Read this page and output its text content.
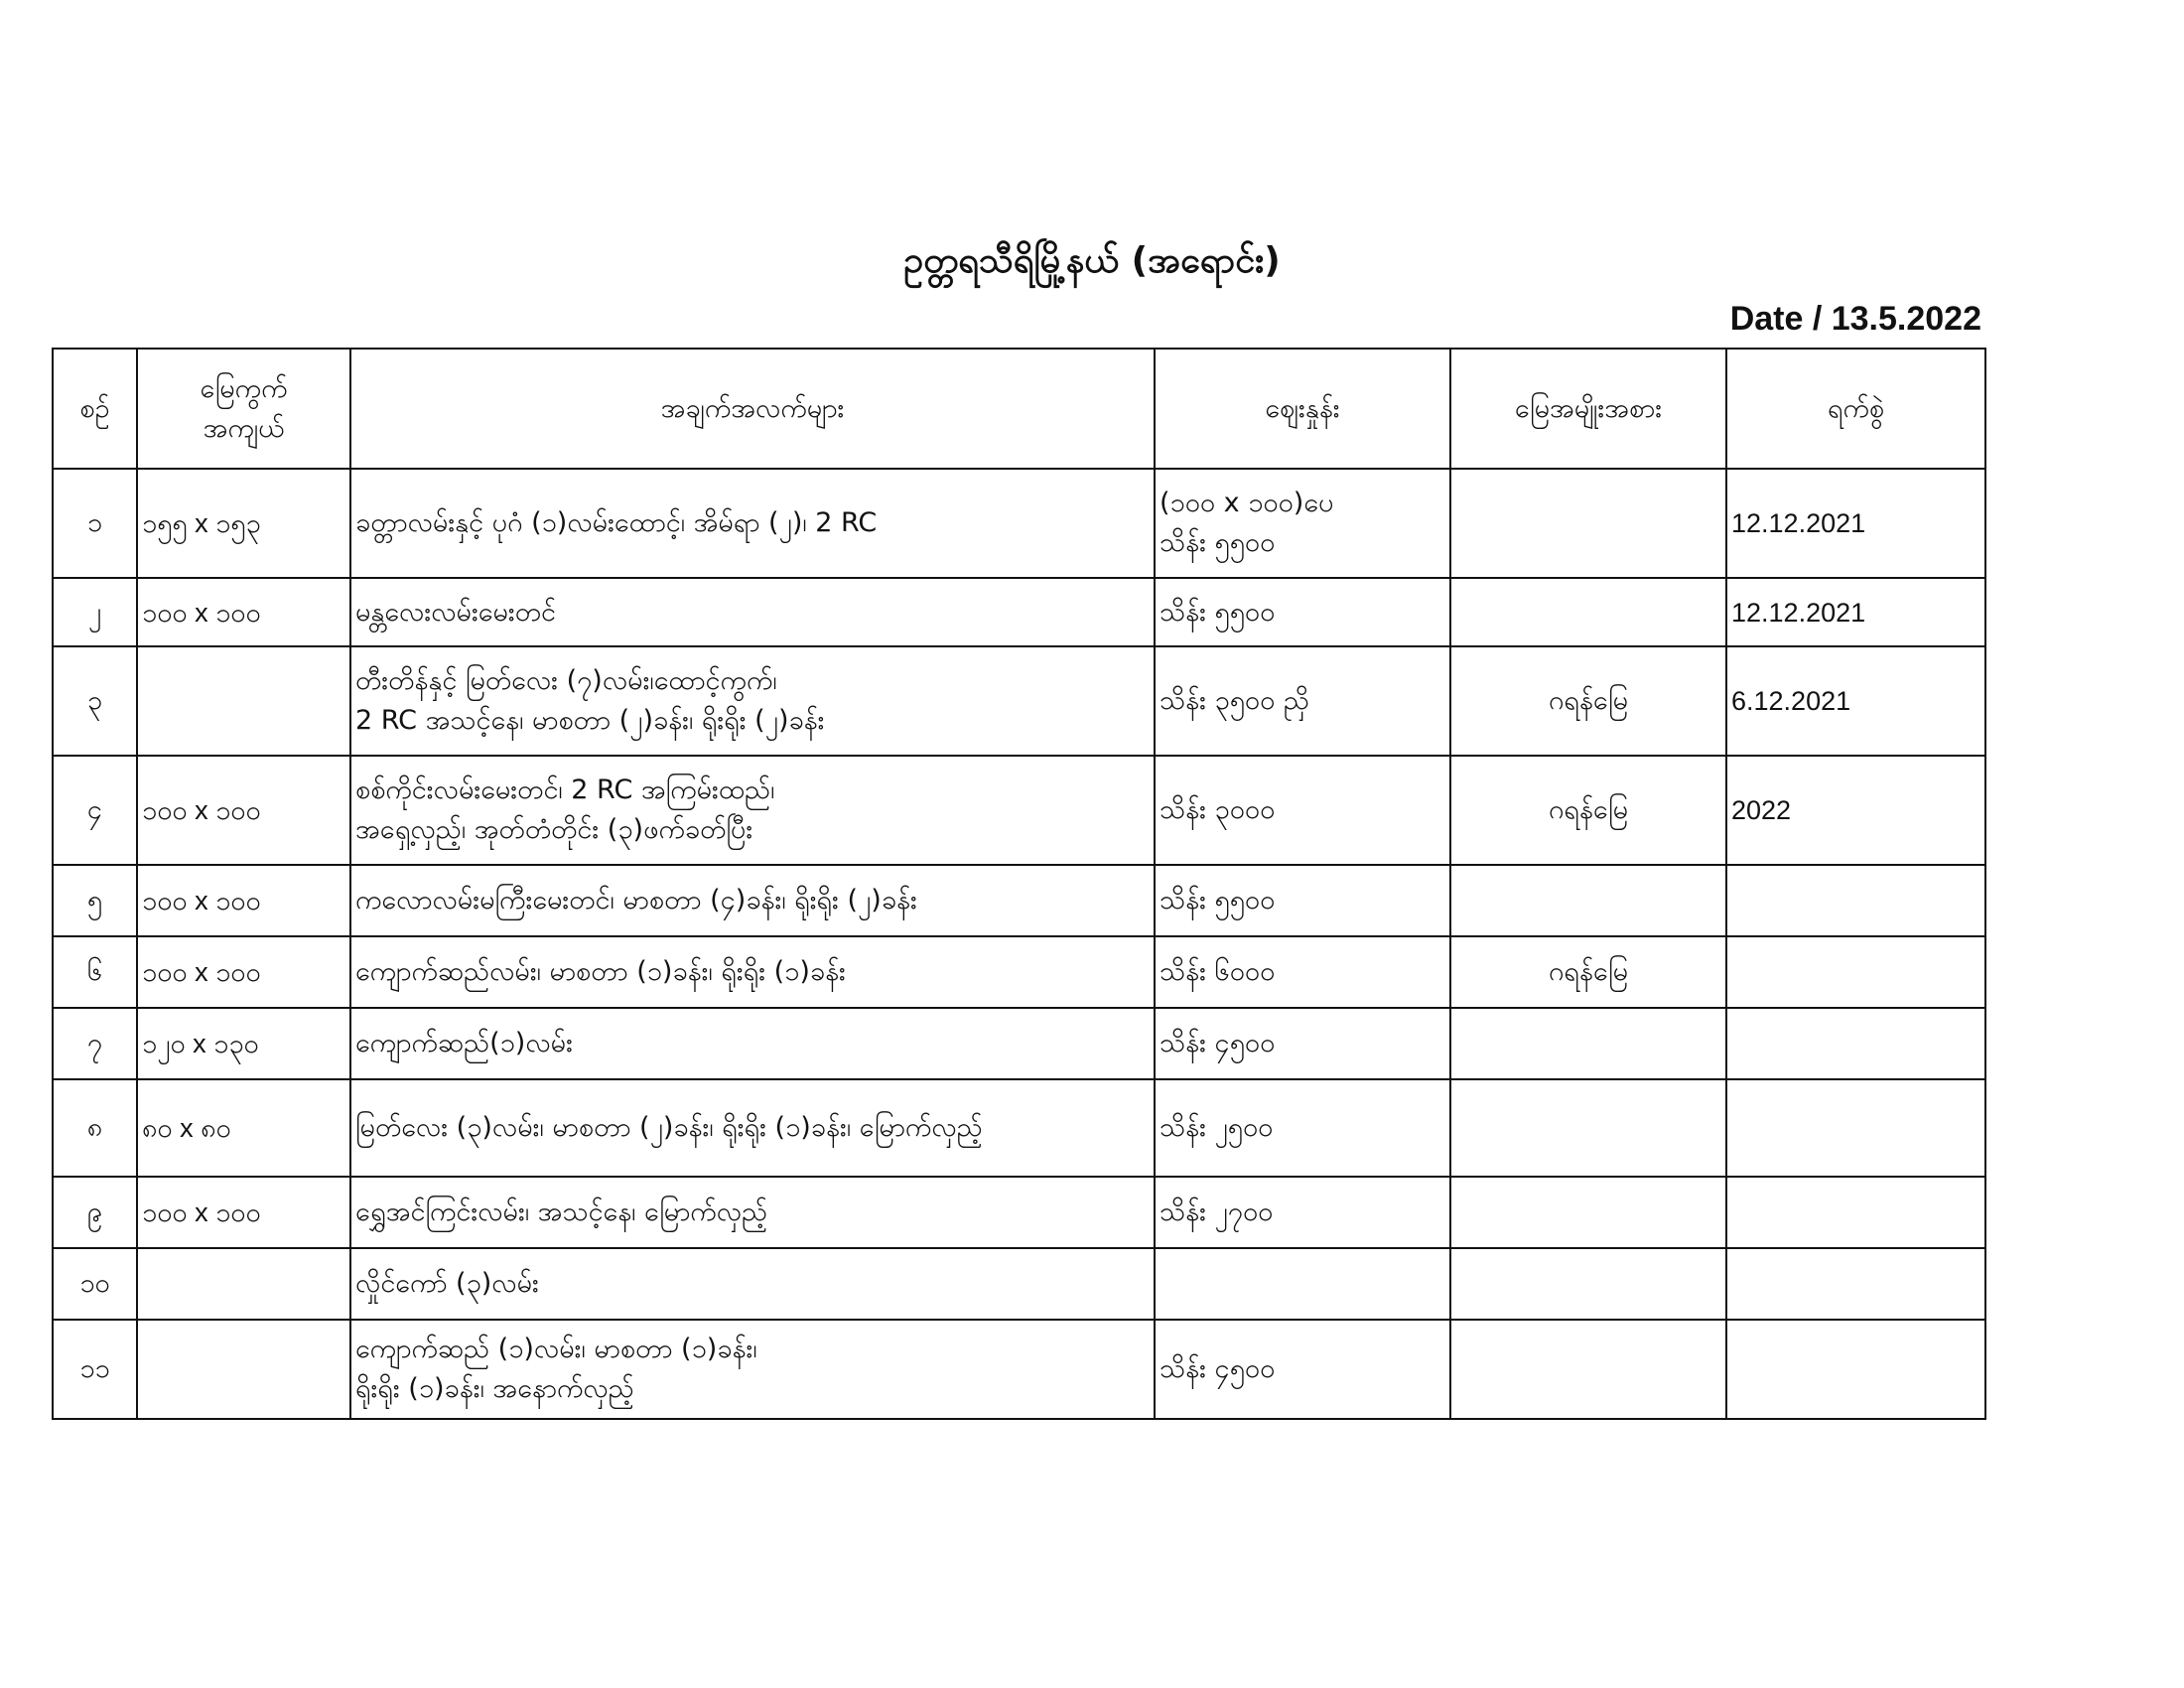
ဥတ္တရသီရိမြို့နယ် (အရောင်း)
Date / 13.5.2022
စဉ်	မြေကွက်
အကျယ်	အချက်အလက်များ	ဈေးနှုန်း	မြေအမျိုးအစား	ရက်စွဲ
၁	၁၅၅ x ၁၅၃	ခတ္တာလမ်းနှင့် ပုဂံ (၁)လမ်းထောင့်၊ အိမ်ရာ (၂)၊ 2 RC	(၁၀၀ x ၁၀၀)ပေ
သိန်း ၅၅၀၀		12.12.2021
၂	၁၀၀ x ၁၀၀	မန္တလေးလမ်းမေးတင်	သိန်း ၅၅၀၀		12.12.2021
၃		တီးတိန်နှင့် မြတ်လေး (၇)လမ်း၊ထောင့်ကွက်၊
2 RC အသင့်နေ၊ မာစတာ (၂)ခန်း၊ ရိုးရိုး (၂)ခန်း	သိန်း ၃၅၀၀ ညှိ	ဂရန်မြေ	6.12.2021
၄	၁၀၀ x ၁၀၀	စစ်ကိုင်းလမ်းမေးတင်၊ 2 RC အကြမ်းထည်၊
အရှေ့လှည့်၊ အုတ်တံတိုင်း (၃)ဖက်ခတ်ပြီး	သိန်း ၃၀၀၀	ဂရန်မြေ	2022
၅	၁၀၀ x ၁၀၀	ကလောလမ်းမကြီးမေးတင်၊ မာစတာ (၄)ခန်း၊ ရိုးရိုး (၂)ခန်း	သိန်း ၅၅၀၀		

၆	၁၀၀ x ၁၀၀	ကျောက်ဆည်လမ်း၊ မာစတာ (၁)ခန်း၊ ရိုးရိုး (၁)ခန်း	သိန်း ၆၀၀၀	ဂရန်မြေ	
၇	၁၂၀ x ၁၃၀	ကျောက်ဆည်(၁)လမ်း	သိန်း ၄၅၀၀		

၈	၈၀ x ၈၀	မြတ်လေး (၃)လမ်း၊ မာစတာ (၂)ခန်း၊ ရိုးရိုး (၁)ခန်း၊ မြောက်လှည့်	သိန်း ၂၅၀၀		

၉	၁၀၀ x ၁၀၀	ရွှေအင်ကြင်းလမ်း၊ အသင့်နေ၊ မြောက်လှည့်	သိန်း ၂၇၀၀		

၁၀		လှိုင်ကော် (၃)လမ်း			

၁၁		ကျောက်ဆည် (၁)လမ်း၊ မာစတာ (၁)ခန်း၊
ရိုးရိုး (၁)ခန်း၊ အနောက်လှည့်	သိန်း ၄၅၀၀		
